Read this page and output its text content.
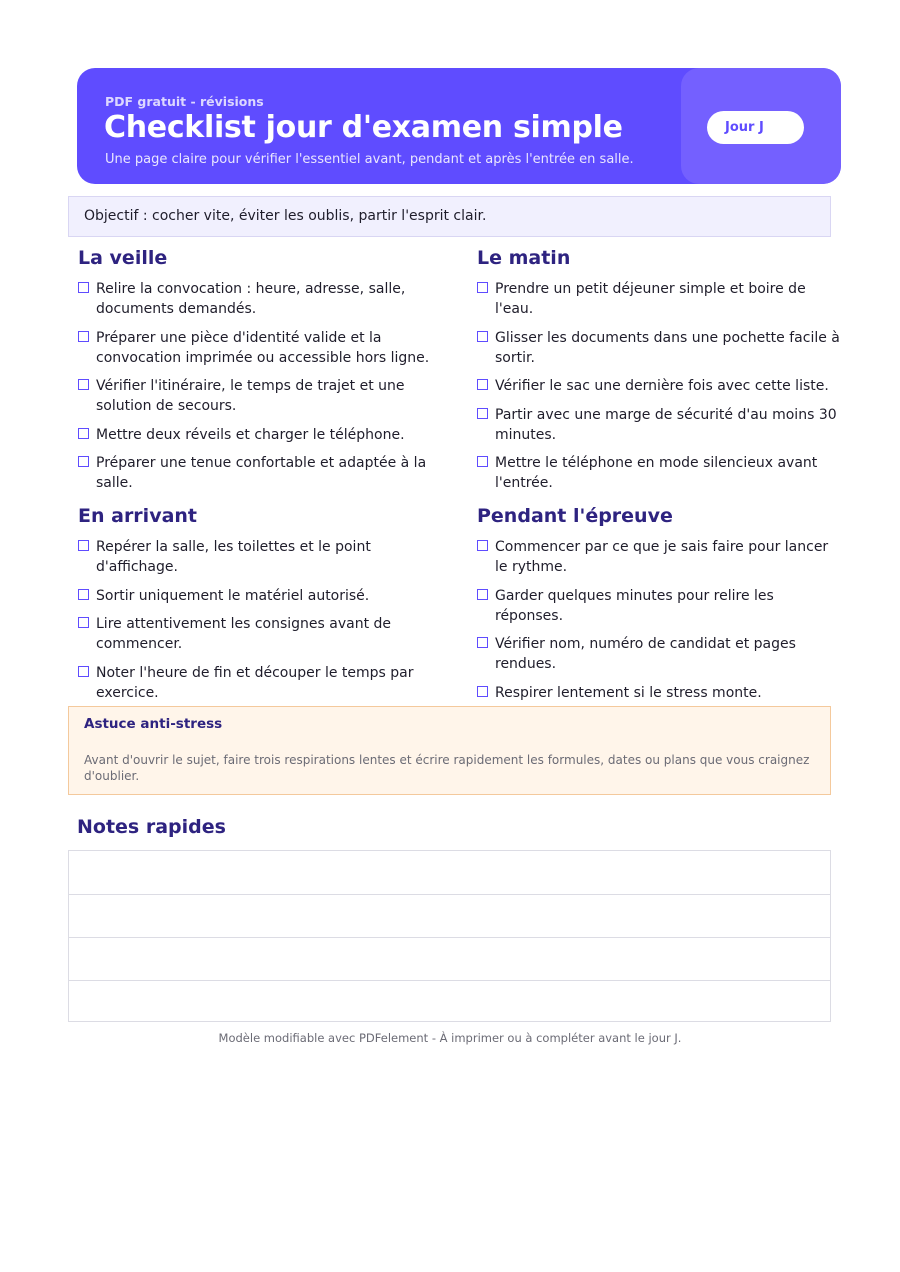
PDF gratuit - révisions
Checklist jour d'examen simple
Une page claire pour vérifier l'essentiel avant, pendant et après l'entrée en salle.
Jour J
Objectif : cocher vite, éviter les oublis, partir l'esprit clair.
La veille
Relire la convocation : heure, adresse, salle, documents demandés.
Préparer une pièce d'identité valide et la convocation imprimée ou accessible hors ligne.
Vérifier l'itinéraire, le temps de trajet et une solution de secours.
Mettre deux réveils et charger le téléphone.
Préparer une tenue confortable et adaptée à la salle.
Le matin
Prendre un petit déjeuner simple et boire de l'eau.
Glisser les documents dans une pochette facile à sortir.
Vérifier le sac une dernière fois avec cette liste.
Partir avec une marge de sécurité d'au moins 30 minutes.
Mettre le téléphone en mode silencieux avant l'entrée.
En arrivant
Repérer la salle, les toilettes et le point d'affichage.
Sortir uniquement le matériel autorisé.
Lire attentivement les consignes avant de commencer.
Noter l'heure de fin et découper le temps par exercice.
Pendant l'épreuve
Commencer par ce que je sais faire pour lancer le rythme.
Garder quelques minutes pour relire les réponses.
Vérifier nom, numéro de candidat et pages rendues.
Respirer lentement si le stress monte.
Astuce anti-stress
Avant d'ouvrir le sujet, faire trois respirations lentes et écrire rapidement les formules, dates ou plans que vous craignez d'oublier.
Notes rapides
Modèle modifiable avec PDFelement - À imprimer ou à compléter avant le jour J.
